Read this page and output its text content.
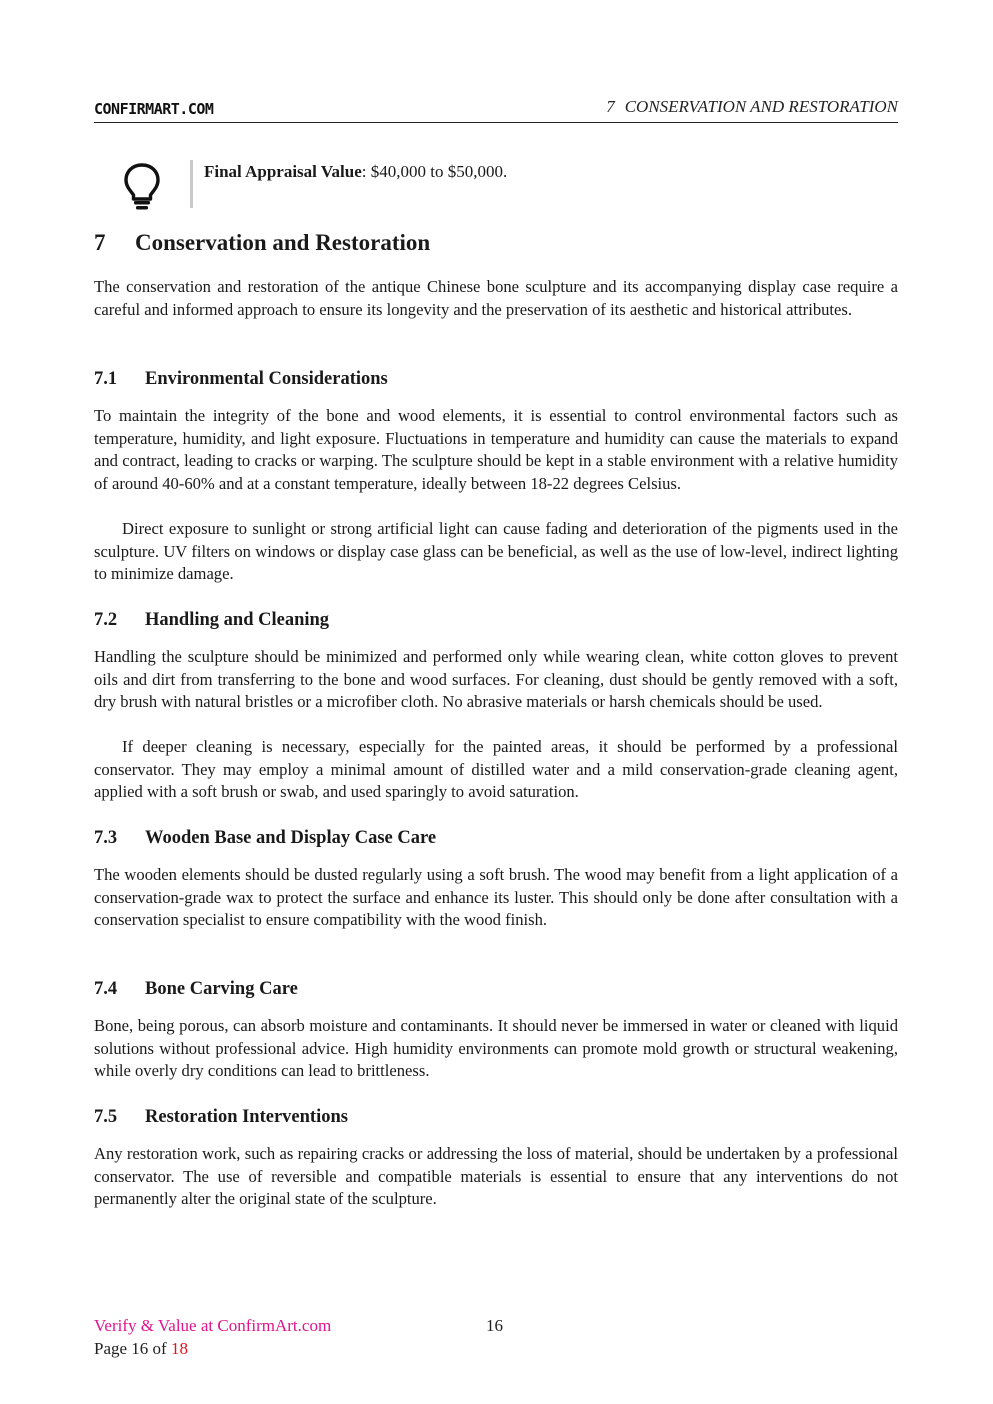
CONFIRMART.COM	7 CONSERVATION AND RESTORATION
Final Appraisal Value: $40,000 to $50,000.
7 Conservation and Restoration
The conservation and restoration of the antique Chinese bone sculpture and its accompanying display case require a careful and informed approach to ensure its longevity and the preservation of its aesthetic and historical attributes.
7.1 Environmental Considerations
To maintain the integrity of the bone and wood elements, it is essential to control environmental factors such as temperature, humidity, and light exposure. Fluctuations in temperature and humidity can cause the materials to expand and contract, leading to cracks or warping. The sculpture should be kept in a stable environment with a relative humidity of around 40-60% and at a constant temperature, ideally between 18-22 degrees Celsius.
Direct exposure to sunlight or strong artificial light can cause fading and deterioration of the pigments used in the sculpture. UV filters on windows or display case glass can be beneficial, as well as the use of low-level, indirect lighting to minimize damage.
7.2 Handling and Cleaning
Handling the sculpture should be minimized and performed only while wearing clean, white cotton gloves to prevent oils and dirt from transferring to the bone and wood surfaces. For cleaning, dust should be gently removed with a soft, dry brush with natural bristles or a microfiber cloth. No abrasive materials or harsh chemicals should be used.
If deeper cleaning is necessary, especially for the painted areas, it should be performed by a professional conservator. They may employ a minimal amount of distilled water and a mild conservation-grade cleaning agent, applied with a soft brush or swab, and used sparingly to avoid saturation.
7.3 Wooden Base and Display Case Care
The wooden elements should be dusted regularly using a soft brush. The wood may benefit from a light application of a conservation-grade wax to protect the surface and enhance its luster. This should only be done after consultation with a conservation specialist to ensure compatibility with the wood finish.
7.4 Bone Carving Care
Bone, being porous, can absorb moisture and contaminants. It should never be immersed in water or cleaned with liquid solutions without professional advice. High humidity environments can promote mold growth or structural weakening, while overly dry conditions can lead to brittleness.
7.5 Restoration Interventions
Any restoration work, such as repairing cracks or addressing the loss of material, should be undertaken by a professional conservator. The use of reversible and compatible materials is essential to ensure that any interventions do not permanently alter the original state of the sculpture.
Verify & Value at ConfirmArt.com	16
Page 16 of 18
